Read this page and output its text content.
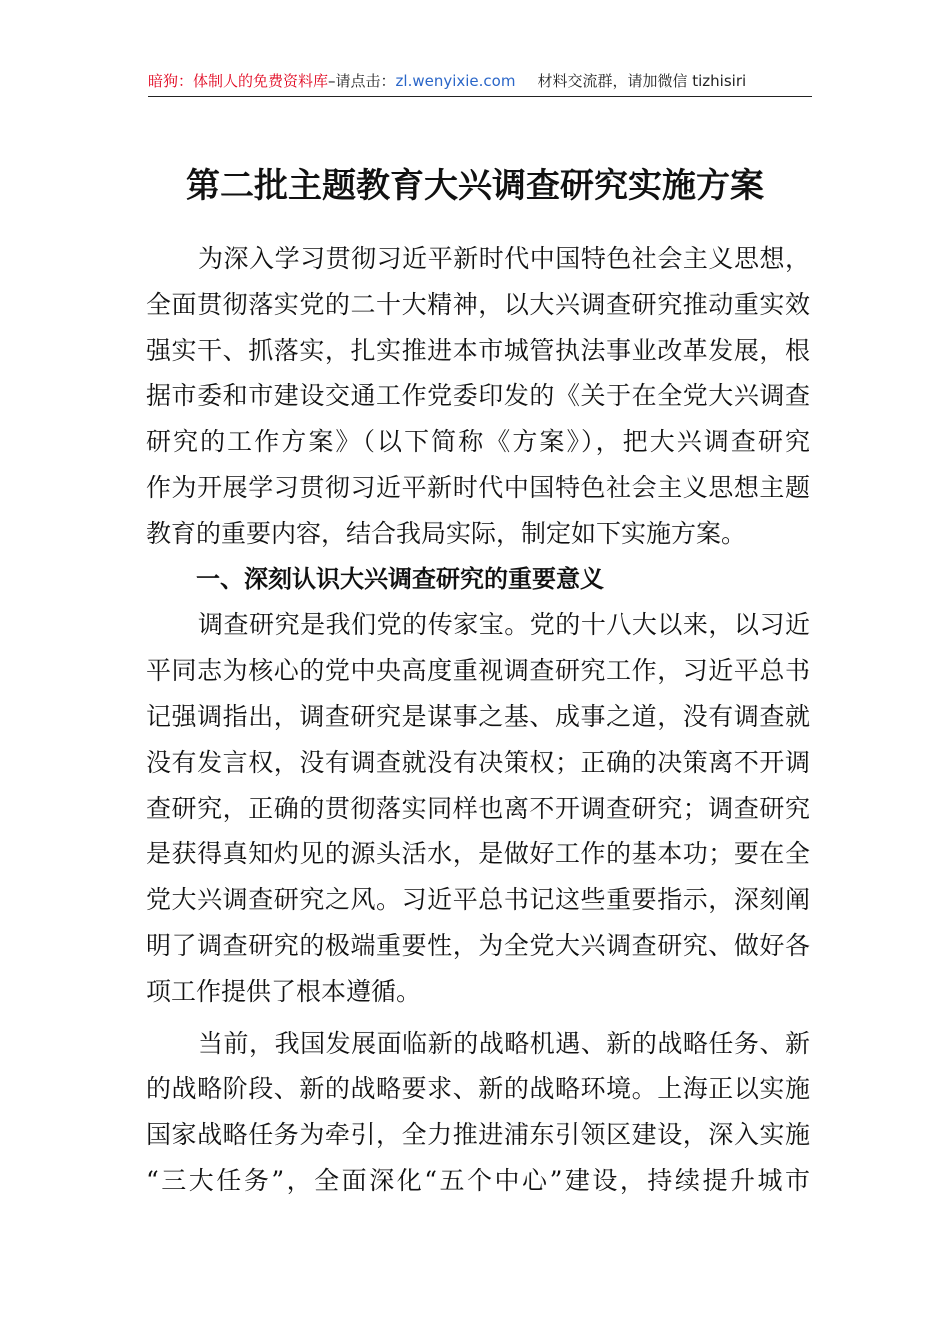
暗狗：体制人的免费资料库–请点击：zl.wenyixie.com 材料交流群，请加微信 tizhisiri
第二批主题教育大兴调查研究实施方案
为深入学习贯彻习近平新时代中国特色社会主义思想，
全面贯彻落实党的二十大精神，以大兴调查研究推动重实效
强实干、抓落实，扎实推进本市城管执法事业改革发展，根
据市委和市建设交通工作党委印发的《关于在全党大兴调查
研究的工作方案》（以下简称《方案》），把大兴调查研究
作为开展学习贯彻习近平新时代中国特色社会主义思想主题
教育的重要内容，结合我局实际，制定如下实施方案。
一、深刻认识大兴调查研究的重要意义
调查研究是我们党的传家宝。党的十八大以来，以习近
平同志为核心的党中央高度重视调查研究工作，习近平总书
记强调指出，调查研究是谋事之基、成事之道，没有调查就
没有发言权，没有调查就没有决策权；正确的决策离不开调
查研究，正确的贯彻落实同样也离不开调查研究；调查研究
是获得真知灼见的源头活水，是做好工作的基本功；要在全
党大兴调查研究之风。习近平总书记这些重要指示，深刻阐
明了调查研究的极端重要性，为全党大兴调查研究、做好各
项工作提供了根本遵循。
当前，我国发展面临新的战略机遇、新的战略任务、新
的战略阶段、新的战略要求、新的战略环境。上海正以实施
国家战略任务为牵引，全力推进浦东引领区建设，深入实施
“三大任务”，全面深化“五个中心”建设，持续提升城市
